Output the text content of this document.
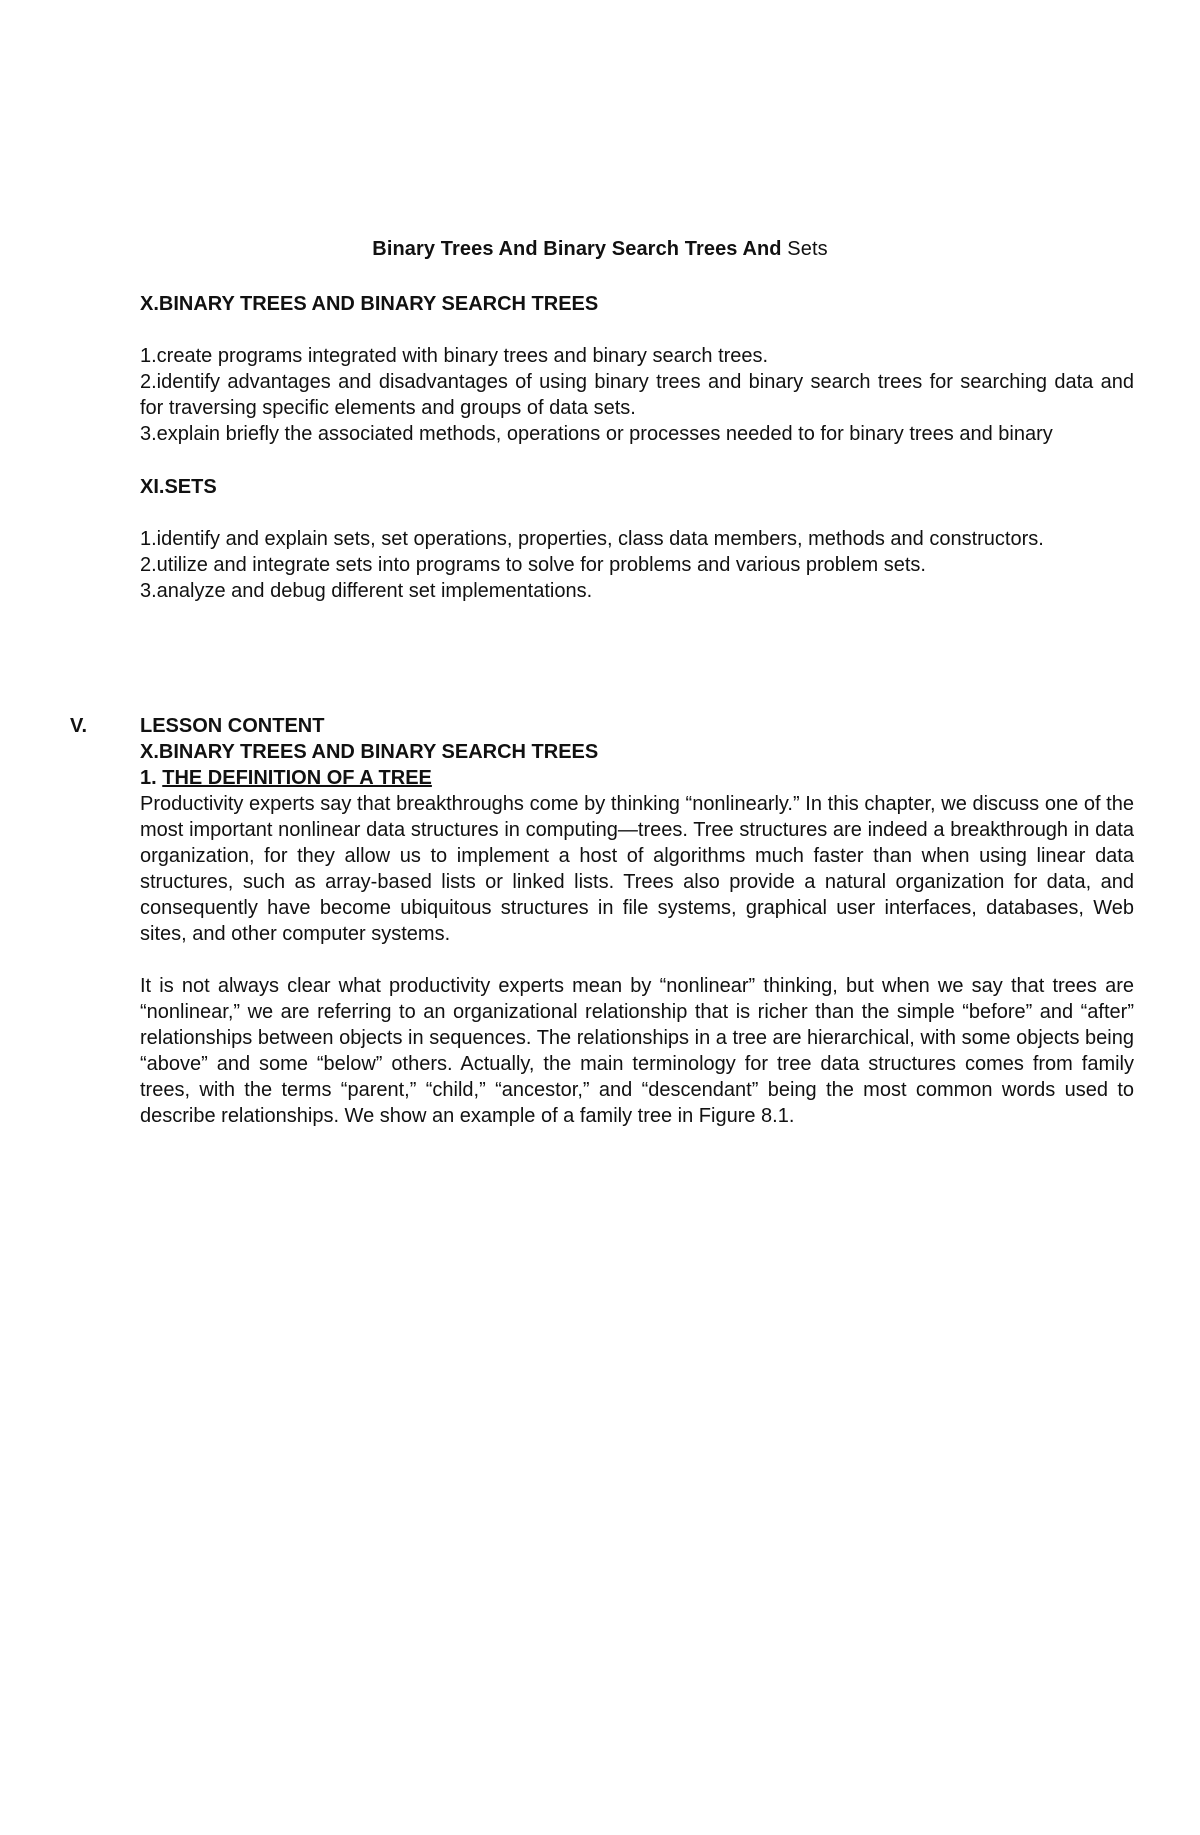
Binary Trees And Binary Search Trees And Sets

X.BINARY TREES AND BINARY SEARCH TREES

1.create programs integrated with binary trees and binary search trees.
2.identify advantages and disadvantages of using binary trees and binary search trees for searching data and for traversing specific elements and groups of data sets.
3.explain briefly the associated methods, operations or processes needed to for binary trees and binary

XI.SETS

1.identify and explain sets, set operations, properties, class data members, methods and constructors.
2.utilize and integrate sets into programs to solve for problems and various problem sets.
3.analyze and debug different set implementations.
V.	LESSON CONTENT
X.BINARY TREES AND BINARY SEARCH TREES
1. THE DEFINITION OF A TREE

Productivity experts say that breakthroughs come by thinking “nonlinearly.” In this chapter, we discuss one of the most important nonlinear data structures in computing—trees. Tree structures are indeed a breakthrough in data organization, for they allow us to implement a host of algorithms much faster than when using linear data structures, such as array-based lists or linked lists. Trees also provide a natural organization for data, and consequently have become ubiquitous structures in file systems, graphical user interfaces, databases, Web sites, and other computer systems.

It is not always clear what productivity experts mean by “nonlinear” thinking, but when we say that trees are “nonlinear,” we are referring to an organizational relationship that is richer than the simple “before” and “after” relationships between objects in sequences. The relationships in a tree are hierarchical, with some objects being “above” and some “below” others. Actually, the main terminology for tree data structures comes from family trees, with the terms “parent,” “child,” “ancestor,” and “descendant” being the most common words used to describe relationships. We show an example of a family tree in Figure 8.1.
